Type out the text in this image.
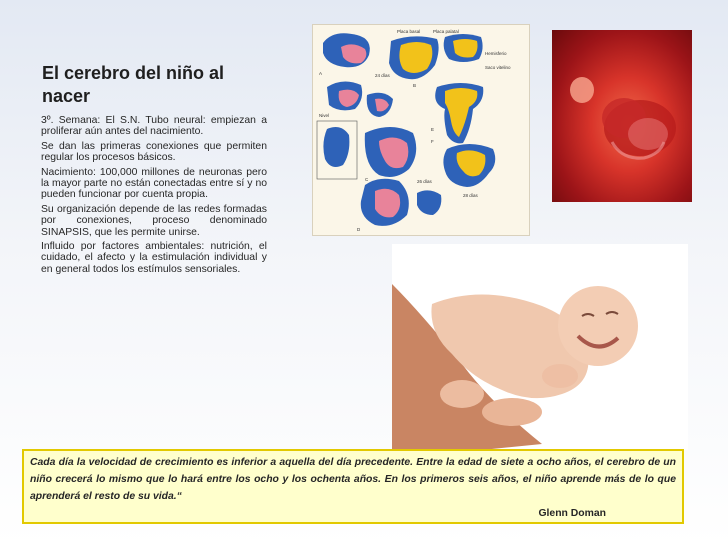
El cerebro del niño al nacer
3º. Semana: El S.N. Tubo neural: empiezan a proliferar aún antes del nacimiento.
Se dan las primeras conexiones que permiten regular los procesos básicos.
Nacimiento: 100,000 millones de neuronas pero la mayor parte no están conectadas entre sí y no pueden funcionar por cuenta propia.
Su organización depende de las redes formadas por conexiones, proceso denominado SINAPSIS, que les permite unirse.
Influido por factores ambientales: nutrición, el cuidado, el afecto y la estimulación individual y en general todos los estímulos sensoriales.
Placa basal	Placa palatal
A
B
E
F
C
D
24 días
26 días
28 días
Hemisferio
Saco vitelino
Nivel

Cada día la velocidad de crecimiento es inferior a aquella del día precedente. Entre la edad de siete a ocho años, el cerebro de un niño crecerá lo mismo que lo hará entre los ocho y los ochenta años. En los primeros seis años, el niño aprende más de lo que aprenderá el resto de su vida.“

Glenn Doman
